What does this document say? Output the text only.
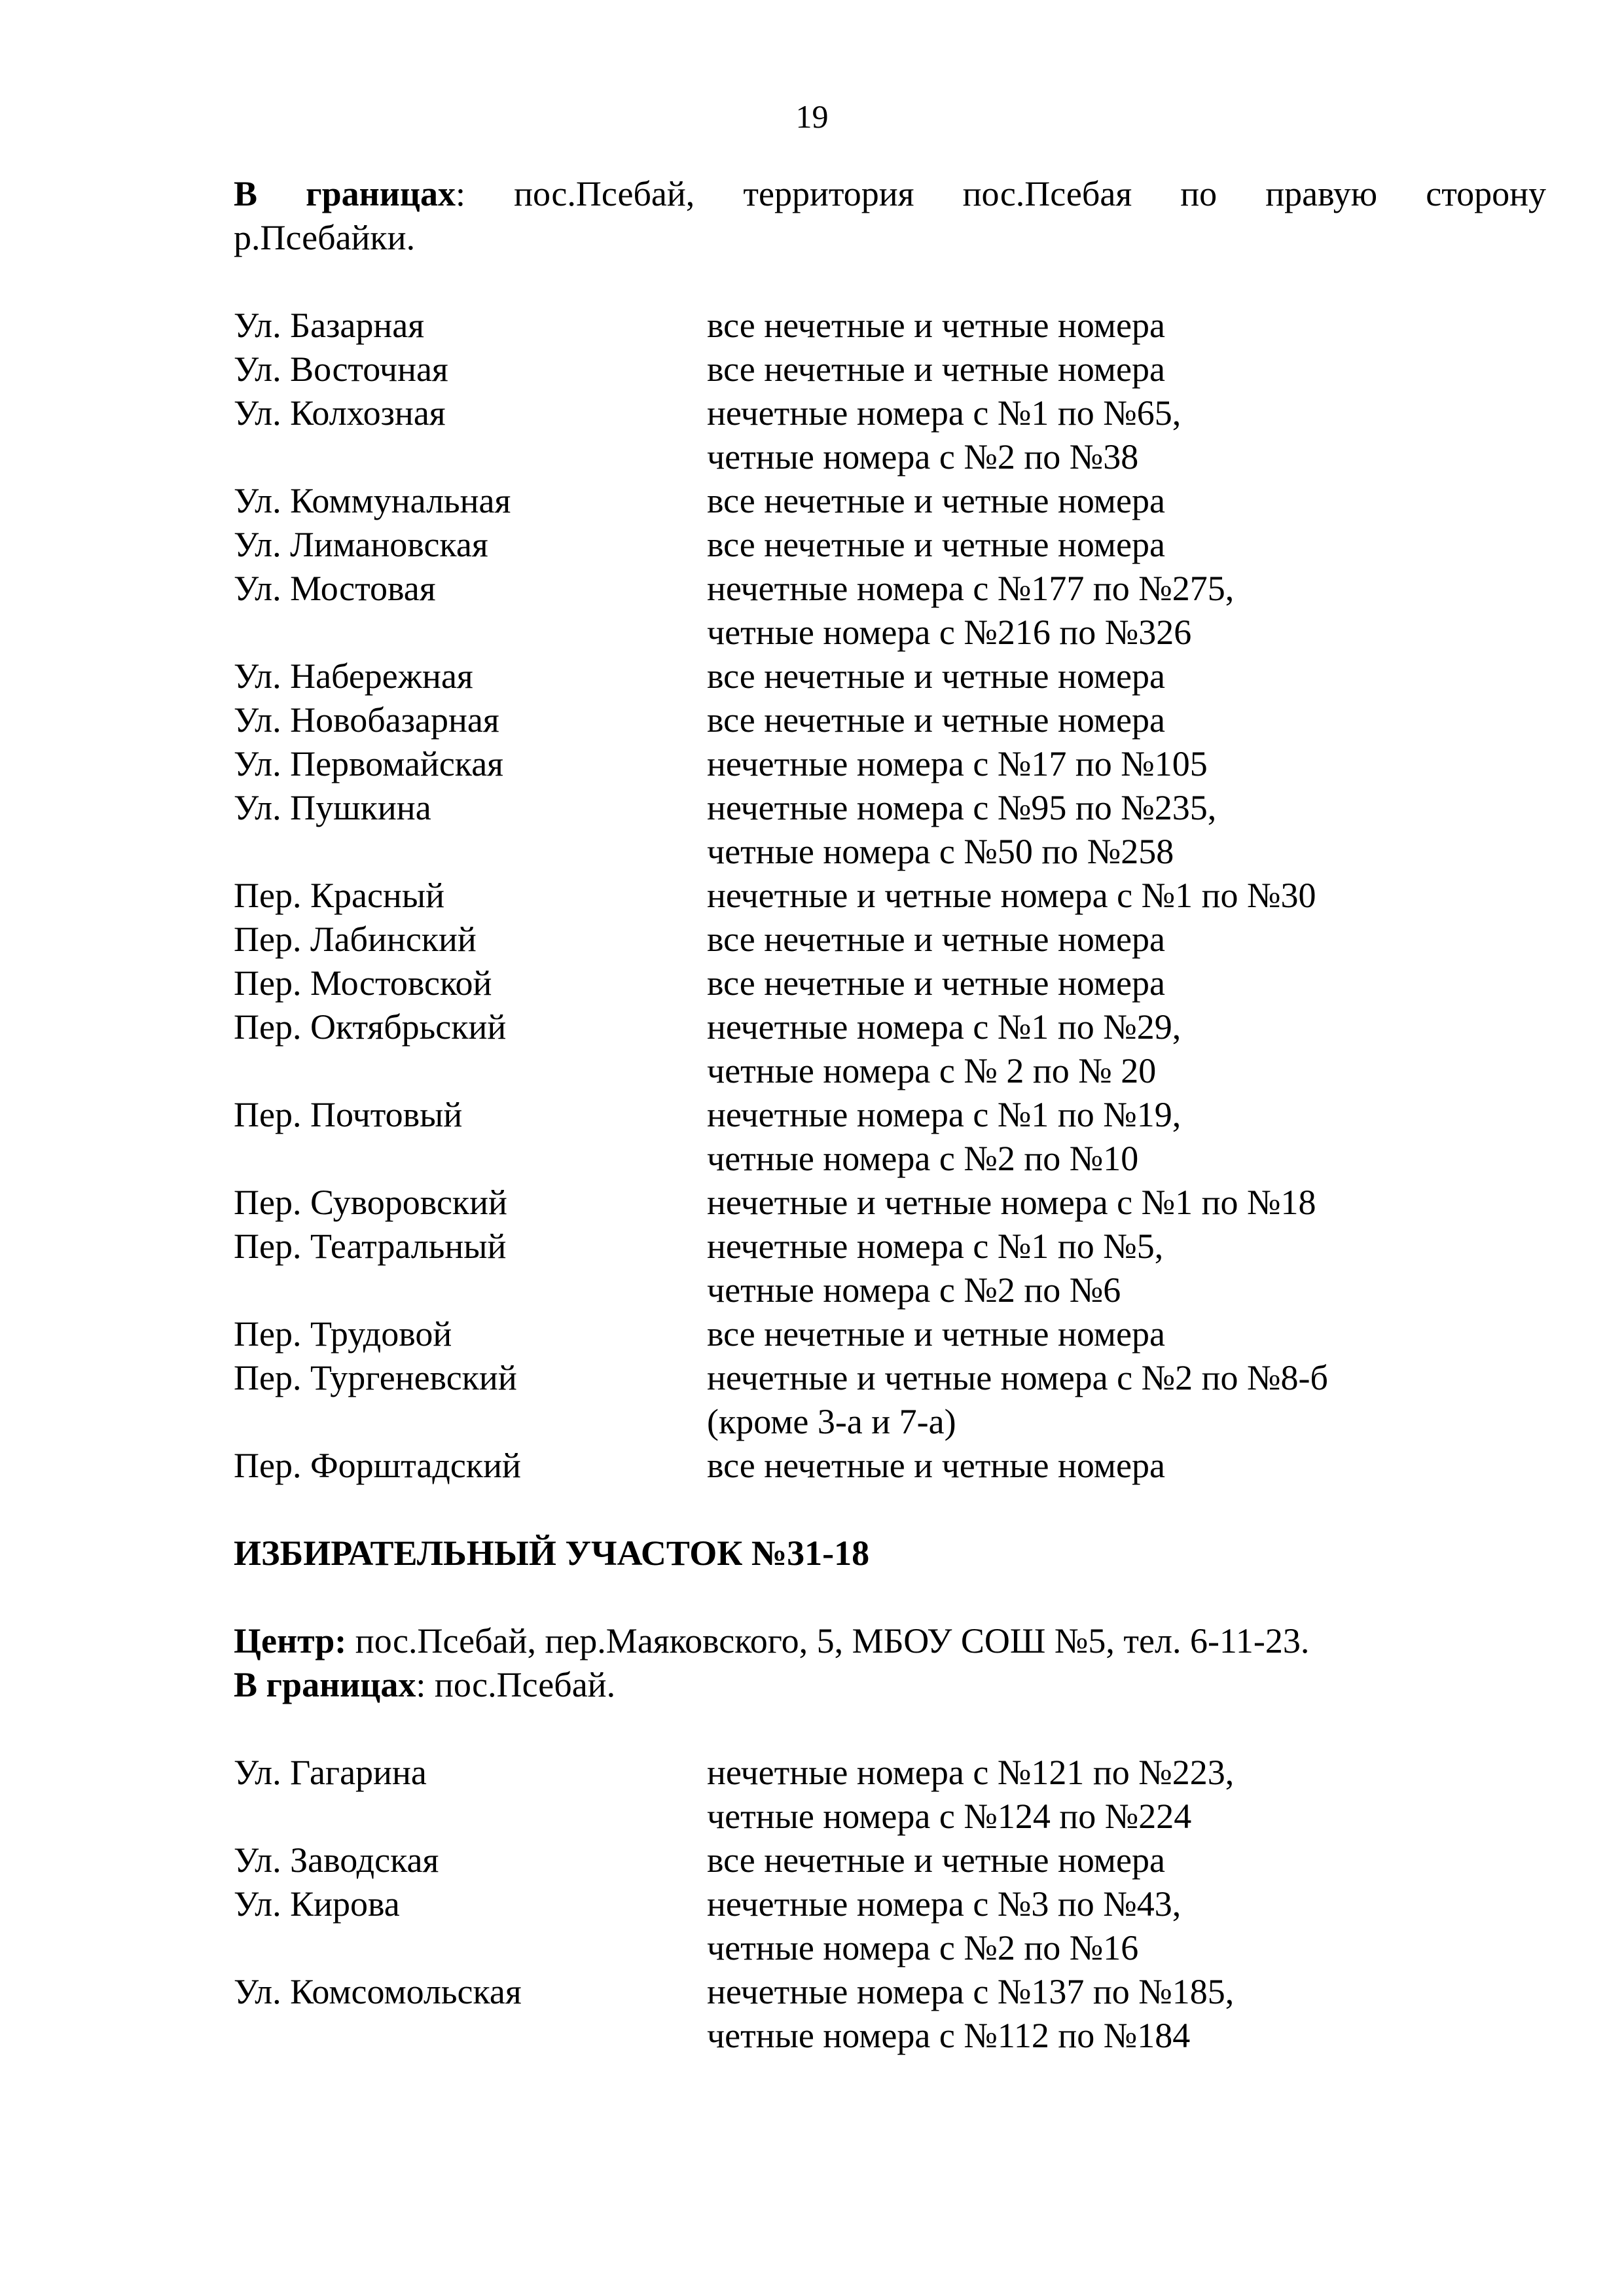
19
В границах: пос.Псебай, территория пос.Псебая по правую сторону
р.Псебайки.
Ул. Базарная	все нечетные и четные номера
Ул. Восточная	все нечетные и четные номера
Ул. Колхозная	нечетные номера с №1 по №65,
четные номера с №2 по №38
Ул. Коммунальная	все нечетные и четные номера
Ул. Лимановская	все нечетные и четные номера
Ул. Мостовая	нечетные номера с №177 по №275,
четные номера с №216 по №326
Ул. Набережная	все нечетные и четные номера
Ул. Новобазарная	все нечетные и четные номера
Ул. Первомайская	нечетные номера с №17 по №105
Ул. Пушкина	нечетные номера с №95 по №235,
четные номера с №50 по №258
Пер. Красный	нечетные и четные номера с №1 по №30
Пер. Лабинский	все нечетные и четные номера
Пер. Мостовской	все нечетные и четные номера
Пер. Октябрьский	нечетные номера с №1 по №29,
четные номера с № 2 по № 20
Пер. Почтовый	нечетные номера с №1 по №19,
четные номера с №2 по №10
Пер. Суворовский	нечетные и четные номера с №1 по №18
Пер. Театральный	нечетные номера с №1 по №5,
четные номера с №2 по №6
Пер. Трудовой	все нечетные и четные номера
Пер. Тургеневский	нечетные и четные номера с №2 по №8-б
(кроме 3-а и 7-а)
Пер. Форштадский	все нечетные и четные номера
ИЗБИРАТЕЛЬНЫЙ УЧАСТОК №31-18
Центр: пос.Псебай, пер.Маяковского, 5, МБОУ СОШ №5, тел. 6-11-23.
В границах: пос.Псебай.
Ул. Гагарина	нечетные номера с №121 по №223,
четные номера с №124 по №224
Ул. Заводская	все нечетные и четные номера
Ул. Кирова	нечетные номера с №3 по №43,
четные номера с №2 по №16
Ул. Комсомольская	нечетные номера с №137 по №185,
четные номера с №112 по №184
